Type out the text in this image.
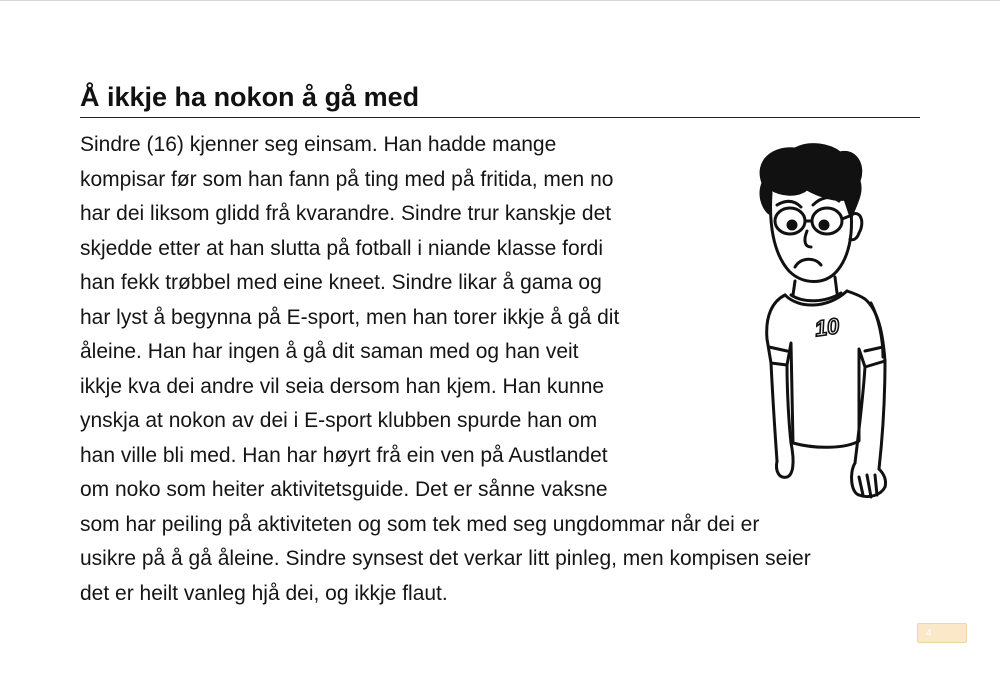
Å ikkje ha nokon å gå med
Sindre (16) kjenner seg einsam. Han hadde mange
kompisar før som han fann på ting med på fritida, men no
har dei liksom glidd frå kvarandre. Sindre trur kanskje det
skjedde etter at han slutta på fotball i niande klasse fordi
han fekk trøbbel med eine kneet. Sindre likar å gama og
har lyst å begynna på E-sport, men han torer ikkje å gå dit
åleine. Han har ingen å gå dit saman med og han veit
ikkje kva dei andre vil seia dersom han kjem. Han kunne
ynskja at nokon av dei i E-sport klubben spurde han om
han ville bli med. Han har høyrt frå ein ven på Austlandet
om noko som heiter aktivitetsguide. Det er sånne vaksne
som har peiling på aktiviteten og som tek med seg ungdommar når dei er
usikre på å gå åleine. Sindre synsest det verkar litt pinleg, men kompisen seier
det er heilt vanleg hjå dei, og ikkje flaut.
10
4
